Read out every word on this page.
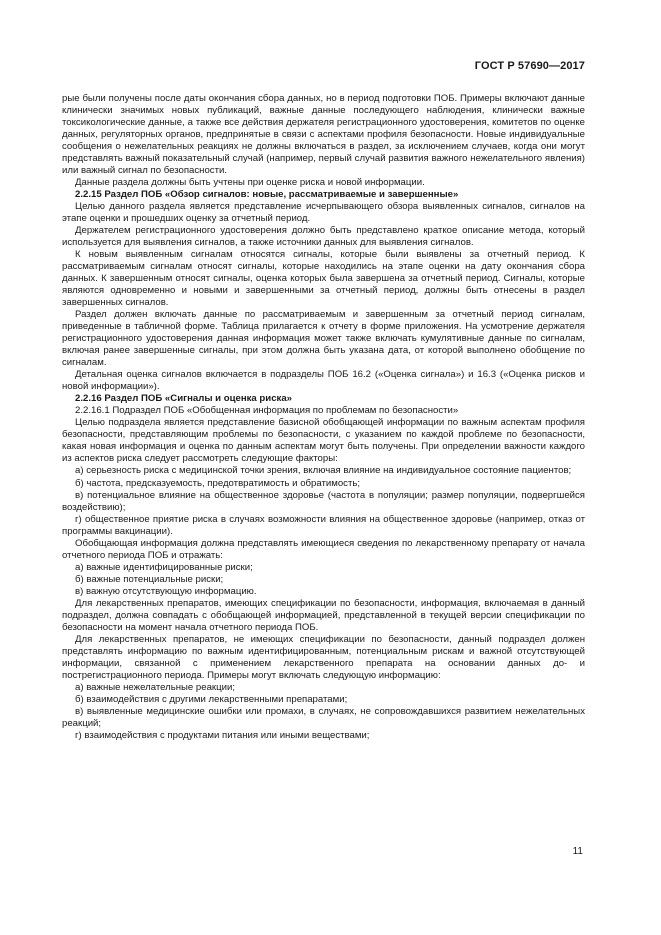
ГОСТ Р 57690—2017

рые были получены после даты окончания сбора данных, но в период подготовки ПОБ. Примеры включают данные клинически значимых новых публикаций, важные данные последующего наблюдения, клинически важные токсикологические данные, а также все действия держателя регистрационного удостоверения, комитетов по оценке данных, регуляторных органов, предпринятые в связи с аспектами профиля безопасности. Новые индивидуальные сообщения о нежелательных реакциях не должны включаться в раздел, за исключением случаев, когда они могут представлять важный показательный случай (например, первый случай развития важного нежелательного явления) или важный сигнал по безопасности.

Данные раздела должны быть учтены при оценке риска и новой информации.

2.2.15 Раздел ПОБ «Обзор сигналов: новые, рассматриваемые и завершенные»

Целью данного раздела является представление исчерпывающего обзора выявленных сигналов, сигналов на этапе оценки и прошедших оценку за отчетный период.

Держателем регистрационного удостоверения должно быть представлено краткое описание метода, который используется для выявления сигналов, а также источники данных для выявления сигналов.

К новым выявленным сигналам относятся сигналы, которые были выявлены за отчетный период. К рассматриваемым сигналам относят сигналы, которые находились на этапе оценки на дату окончания сбора данных. К завершенным относят сигналы, оценка которых была завершена за отчетный период. Сигналы, которые являются одновременно и новыми и завершенными за отчетный период, должны быть отнесены в раздел завершенных сигналов.

Раздел должен включать данные по рассматриваемым и завершенным за отчетный период сигналам, приведенные в табличной форме. Таблица прилагается к отчету в форме приложения. На усмотрение держателя регистрационного удостоверения данная информация может также включать кумулятивные данные по сигналам, включая ранее завершенные сигналы, при этом должна быть указана дата, от которой выполнено обобщение по сигналам.

Детальная оценка сигналов включается в подразделы ПОБ 16.2 («Оценка сигнала») и 16.3 («Оценка рисков и новой информации»).

2.2.16 Раздел ПОБ «Сигналы и оценка риска»

2.2.16.1 Подраздел ПОБ «Обобщенная информация по проблемам по безопасности»

Целью подраздела является представление базисной обобщающей информации по важным аспектам профиля безопасности, представляющим проблемы по безопасности, с указанием по каждой проблеме по безопасности, какая новая информация и оценка по данным аспектам могут быть получены. При определении важности каждого из аспектов риска следует рассмотреть следующие факторы:

а) серьезность риска с медицинской точки зрения, включая влияние на индивидуальное состояние пациентов;

б) частота, предсказуемость, предотвратимость и обратимость;

в) потенциальное влияние на общественное здоровье (частота в популяции; размер популяции, подвергшейся воздействию);

г) общественное приятие риска в случаях возможности влияния на общественное здоровье (например, отказ от программы вакцинации).

Обобщающая информация должна представлять имеющиеся сведения по лекарственному препарату от начала отчетного периода ПОБ и отражать:

а) важные идентифицированные риски;

б) важные потенциальные риски;

в) важную отсутствующую информацию.

Для лекарственных препаратов, имеющих спецификации по безопасности, информация, включаемая в данный подраздел, должна совпадать с обобщающей информацией, представленной в текущей версии спецификации по безопасности на момент начала отчетного периода ПОБ.

Для лекарственных препаратов, не имеющих спецификации по безопасности, данный подраздел должен представлять информацию по важным идентифицированным, потенциальным рискам и важной отсутствующей информации, связанной с применением лекарственного препарата на основании данных до- и пострегистрационного периода. Примеры могут включать следующую информацию:

а) важные нежелательные реакции;

б) взаимодействия с другими лекарственными препаратами;

в) выявленные медицинские ошибки или промахи, в случаях, не сопровождавшихся развитием нежелательных реакций;

г) взаимодействия с продуктами питания или иными веществами;

11
